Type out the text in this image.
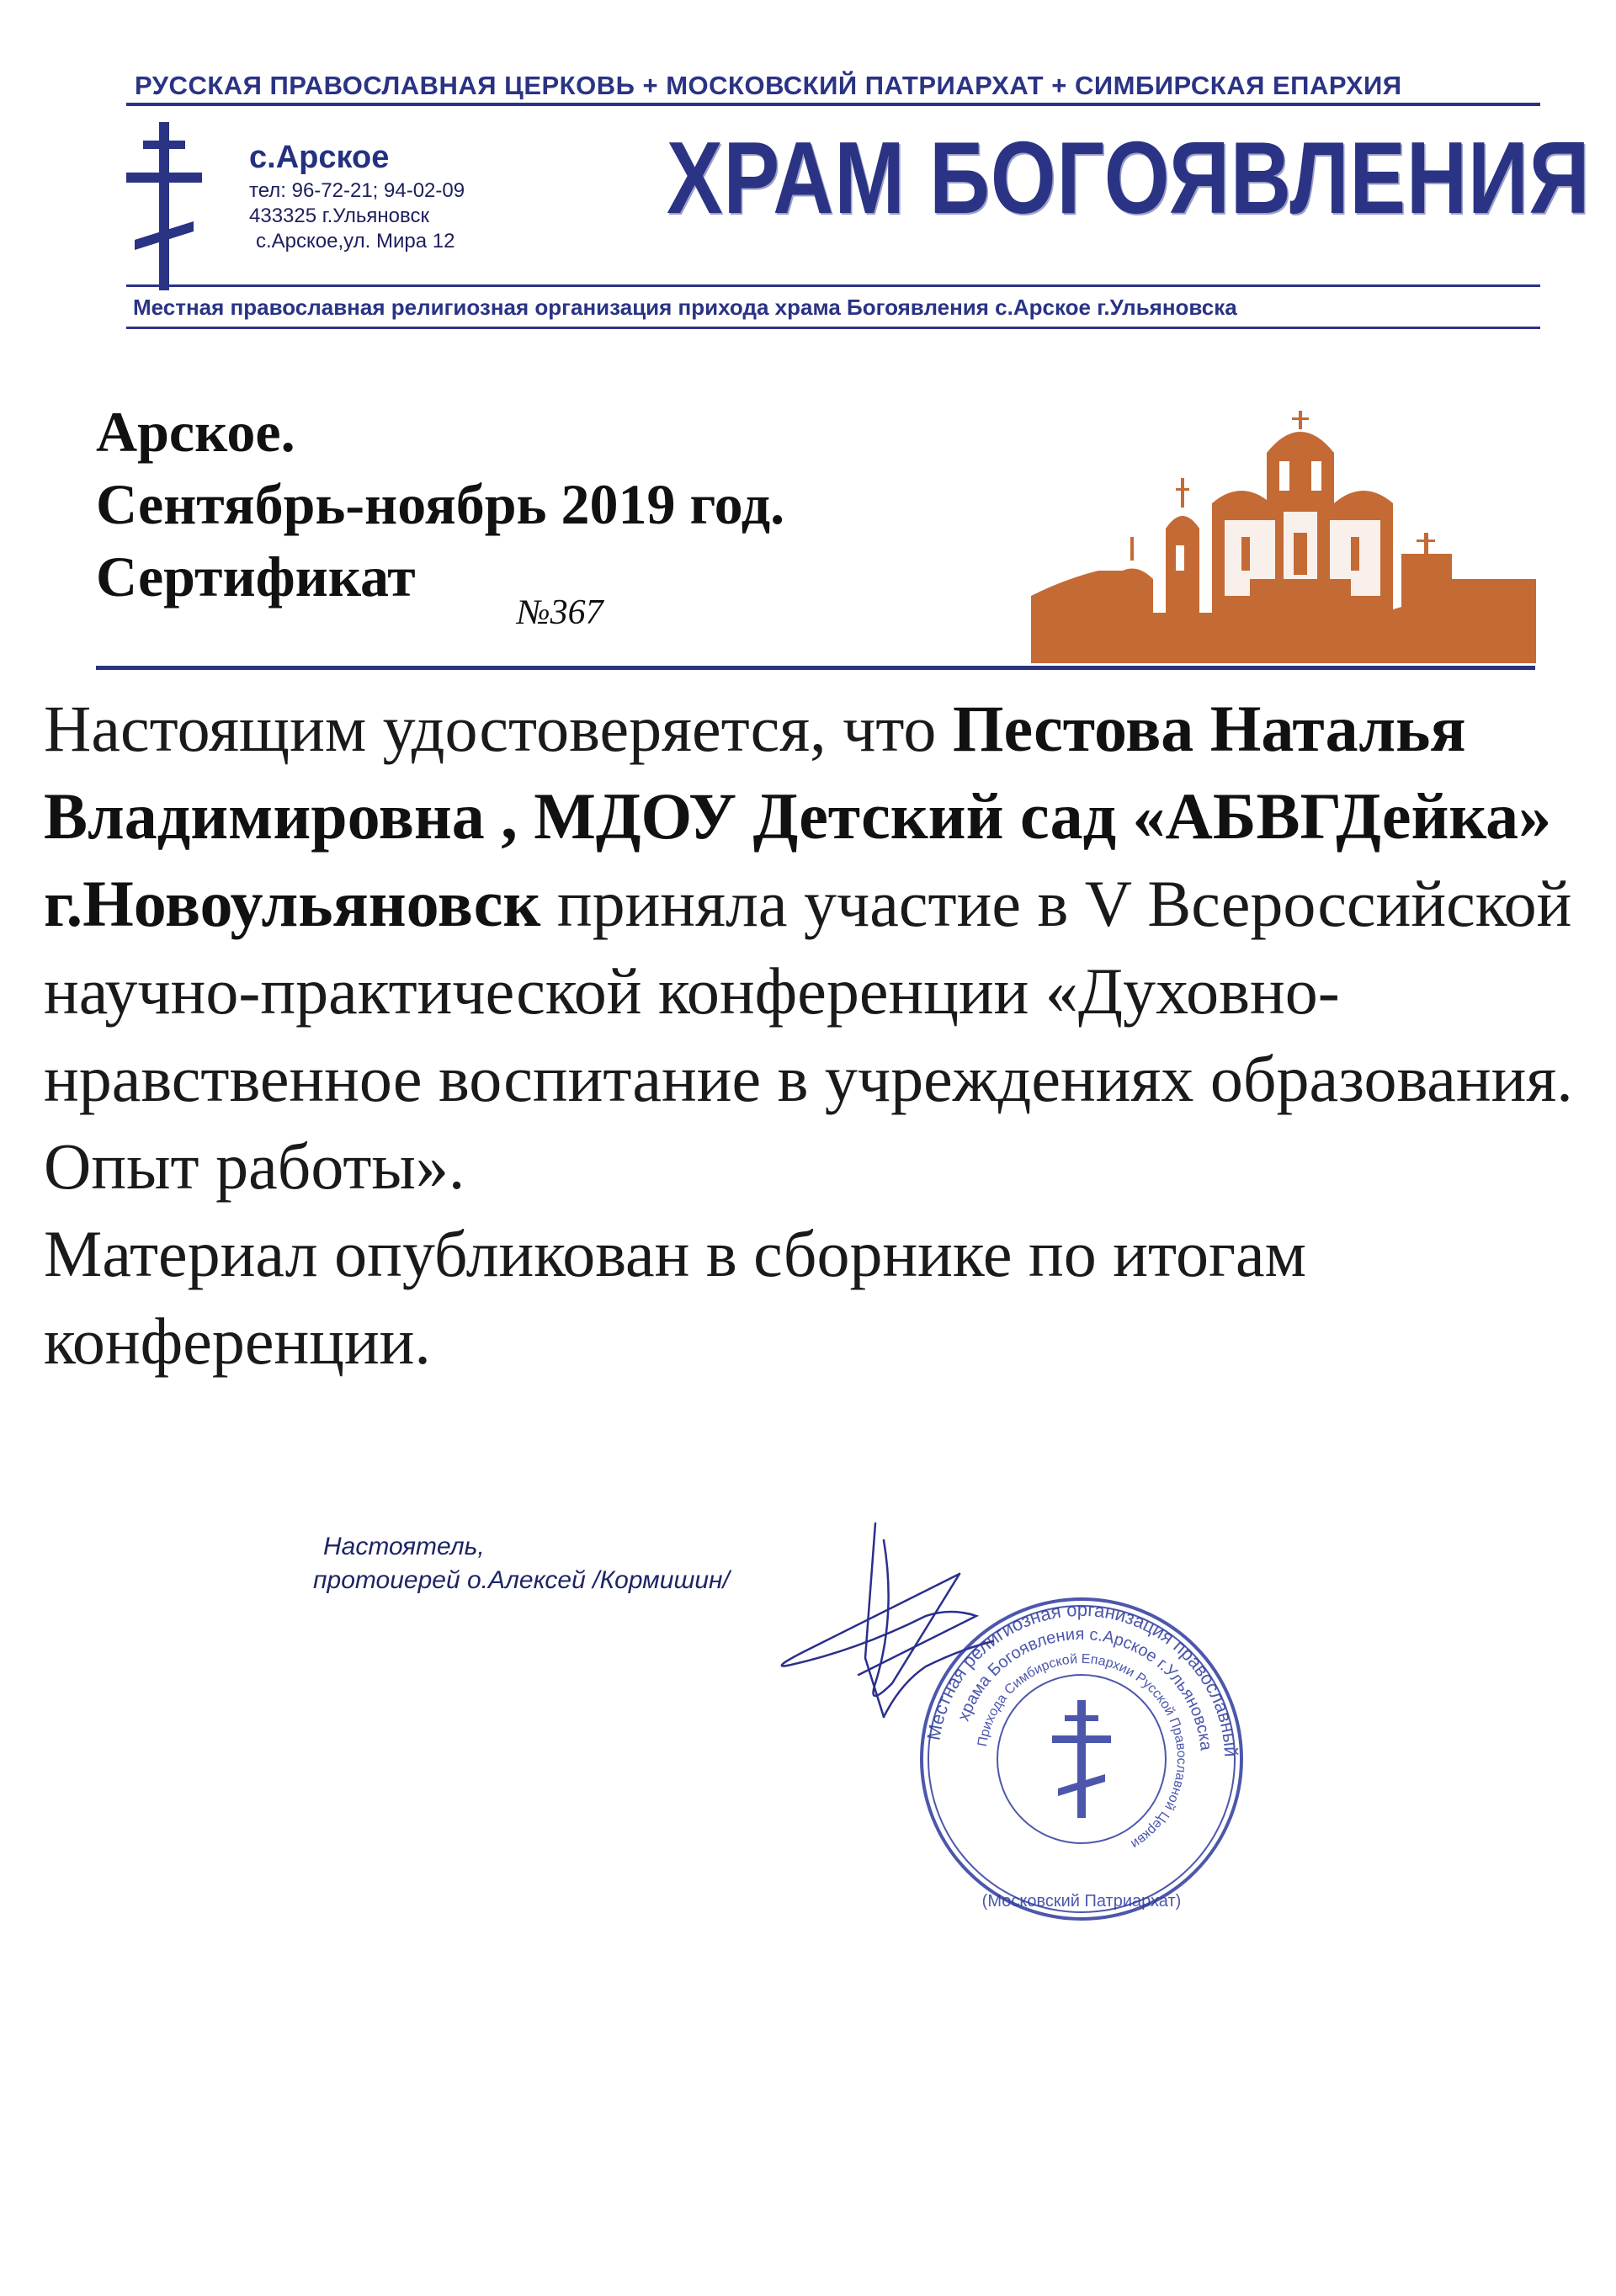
РУССКАЯ ПРАВОСЛАВНАЯ ЦЕРКОВЬ + МОСКОВСКИЙ ПАТРИАРХАТ + СИМБИРСКАЯ ЕПАРХИЯ
с.Арское
тел: 96-72-21; 94-02-09
433325 г.Ульяновск
с.Арское,ул. Мира 12
ХРАМ БОГОЯВЛЕНИЯ
Местная православная религиозная организация прихода храма Богоявления с.Арское г.Ульяновска
Арское.
Сентябрь-ноябрь 2019 год.
Сертификат
№367
Настоящим удостоверяется, что Пестова Наталья Владимировна , МДОУ Детский сад «АБВГДейка» г.Новоульяновск приняла участие в V Всероссийской научно-практической конференции «Духовно-нравственное воспитание в учреждениях образования. Опыт работы».
Материал опубликован в сборнике по итогам конференции.
Настоятель,
протоиерей о.Алексей /Кормишин/
Местная религиозная организация православный
храма Богоявления с.Арское г.Ульяновска
Прихода Симбирской Епархии Русской Православной Церкви
(Московский Патриархат)
